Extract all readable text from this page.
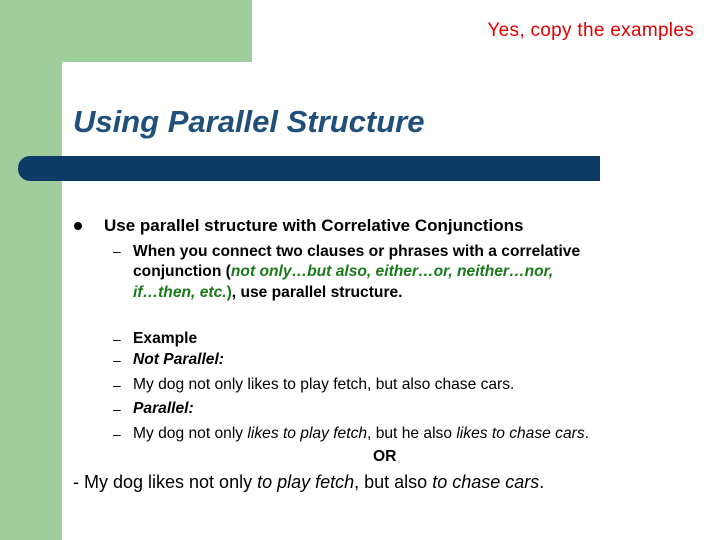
Yes, copy the examples
Using Parallel Structure
Use parallel structure with Correlative Conjunctions
– When you connect two clauses or phrases with a correlative
conjunction (not only…but also, either…or, neither…nor,
if…then, etc.), use parallel structure.
– Example
– Not Parallel:
– My dog not only likes to play fetch, but also chase cars.
– Parallel:
– My dog not only likes to play fetch, but he also likes to chase cars.
OR
- My dog likes not only to play fetch, but also to chase cars.
